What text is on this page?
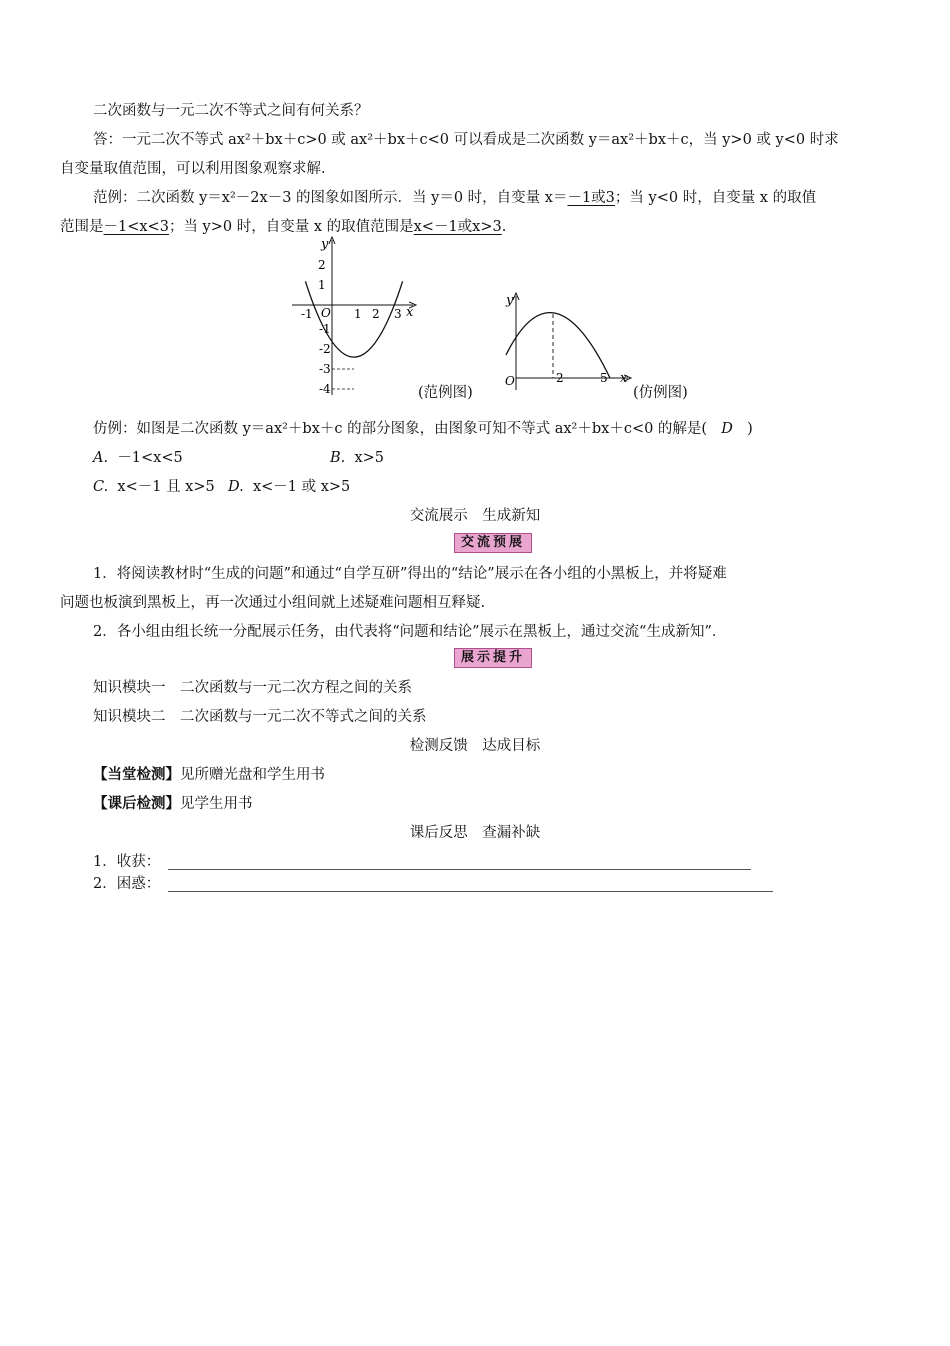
二次函数与一元二次不等式之间有何关系？
答：一元二次不等式 ax²＋bx＋c>0 或 ax²＋bx＋c<0 可以看成是二次函数 y＝ax²＋bx＋c，当 y>0 或 y<0 时求
自变量取值范围，可以利用图象观察求解.
范例：二次函数 y＝x²－2x－3 的图象如图所示．当 y＝0 时，自变量 x＝－1或3；当 y<0 时，自变量 x 的取值
范围是－1<x<3；当 y>0 时，自变量 x 的取值范围是x<－1或x>3.
y
x
O
2
1
-1
-2
-3
-4
-1	1 2 3
(范例图)
y
x
O	2	5
(仿例图)
仿例：如图是二次函数 y＝ax²＋bx＋c 的部分图象，由图象可知不等式 ax²＋bx＋c<0 的解是( D )
A. －1<x<5	B. x>5
C. x<－1 且 x>5 D. x<－1 或 x>5
交流展示　生成新知
交流预展
1．将阅读教材时“生成的问题”和通过“自学互研”得出的“结论”展示在各小组的小黑板上，并将疑难
问题也板演到黑板上，再一次通过小组间就上述疑难问题相互释疑.
2．各小组由组长统一分配展示任务，由代表将“问题和结论”展示在黑板上，通过交流“生成新知”．
展示提升
知识模块一　二次函数与一元二次方程之间的关系
知识模块二　二次函数与一元二次不等式之间的关系
检测反馈　达成目标
【当堂检测】见所赠光盘和学生用书
【课后检测】见学生用书
课后反思　查漏补缺
1．收获：
2．困惑：
